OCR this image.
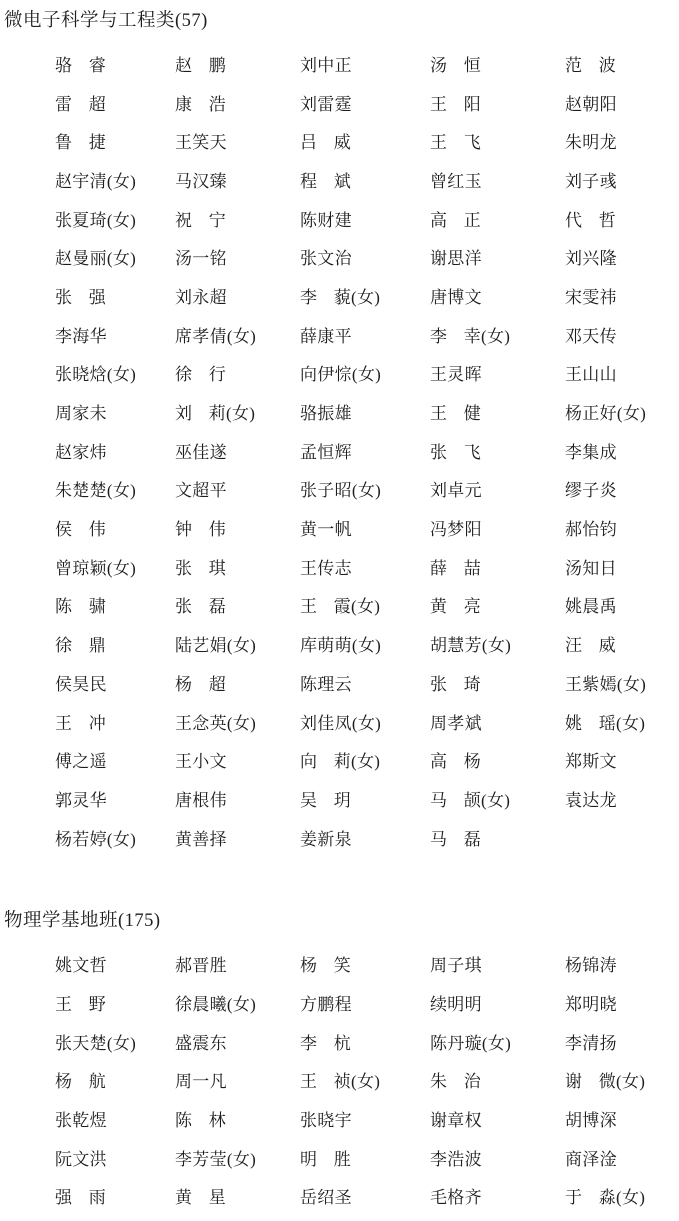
微电子科学与工程类(57)
骆 睿	赵 鹏	刘中正	汤 恒	范 波
雷 超	康 浩	刘雷霆	王 阳	赵朝阳
鲁 捷	王笑天	吕 威	王 飞	朱明龙
赵宇清(女)	马汉臻	程 斌	曾红玉	刘子彧
张夏琦(女)	祝 宁	陈财建	高 正	代 哲
赵曼丽(女)	汤一铭	张文治	谢思洋	刘兴隆
张 强	刘永超	李 藐 (女)	唐博文	宋雯祎
李海华	席孝倩(女)	薛康平	李 幸 (女)	邓天传
张晓焓(女)	徐 行	向伊悰(女)	王灵晖	王山山
周家未	刘 莉 (女)	骆振雄	王 健	杨正好(女)
赵家炜	巫佳遂	孟恒辉	张 飞	李集成
朱楚楚(女)	文超平	张子昭(女)	刘卓元	缪子炎
侯 伟	钟 伟	黄一帆	冯梦阳	郝怡钧
曾琼颖(女)	张 琪	王传志	薛 喆	汤知日
陈 骕	张 磊	王 霞 (女)	黄 亮	姚晨禹
徐 鼎	陆艺娟(女)	库萌萌(女)	胡慧芳(女)	汪 威
侯昊民	杨 超	陈理云	张 琦	王紫嫣(女)
王 冲	王念英(女)	刘佳凤(女)	周孝斌	姚 瑶 (女)
傅之遥	王小文	向 莉 (女)	高 杨	郑斯文
郭灵华	唐根伟	吴 玥	马 颉 (女)	袁达龙
杨若婷(女)	黄善择	姜新泉	马 磊
物理学基地班(175)
姚文哲	郝晋胜	杨 笑	周子琪	杨锦涛
王 野	徐晨曦(女)	方鹏程	续明明	郑明晓
张天楚(女)	盛震东	李 杭	陈丹璇(女)	李清扬
杨 航	周一凡	王 祯 (女)	朱 治	谢 微 (女)
张乾煜	陈 林	张晓宇	谢章权	胡博深
阮文洪	李芳莹(女)	明 胜	李浩波	商泽淦
强 雨	黄 星	岳绍圣	毛格齐	于 淼 (女)
